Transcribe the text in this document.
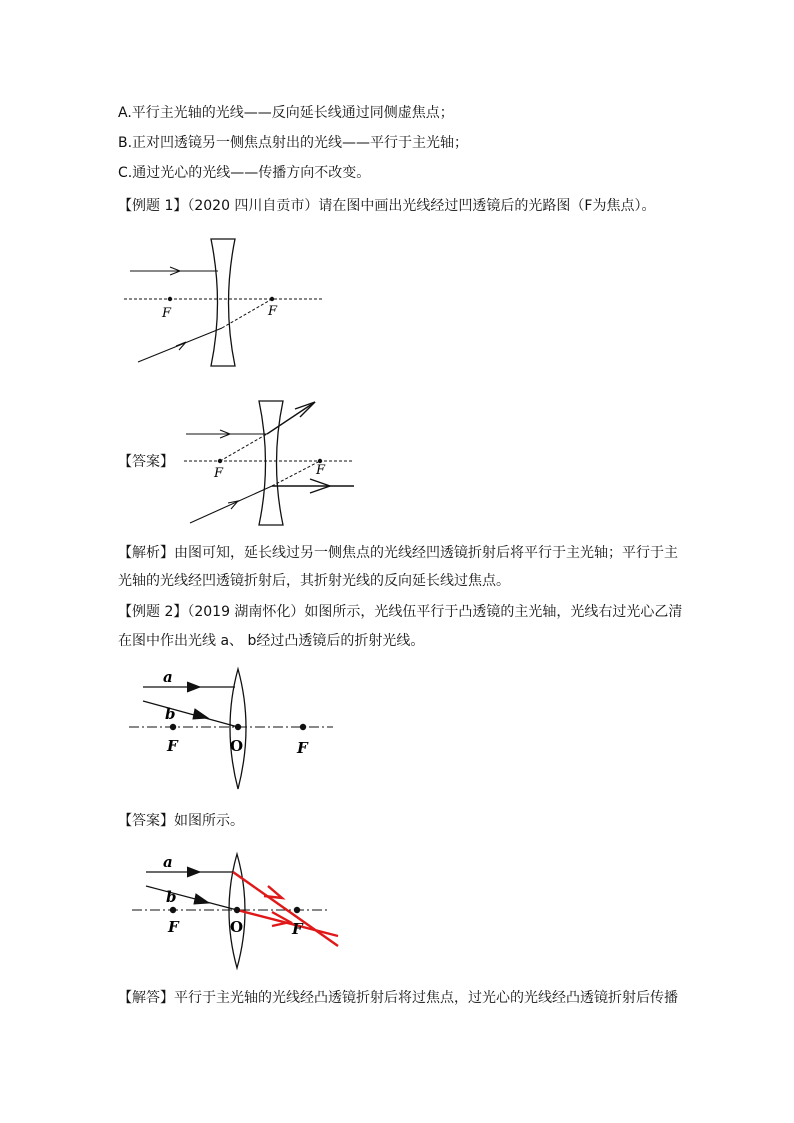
A.平行主光轴的光线——反向延长线通过同侧虚焦点；
B.正对凹透镜另一侧焦点射出的光线——平行于主光轴；
C.通过光心的光线——传播方向不改变。
【例题 1】（2020 四川自贡市）请在图中画出光线经过凹透镜后的光路图（F为焦点）。
F	F
【答案】
F	F
【解析】由图可知，延长线过另一侧焦点的光线经凹透镜折射后将平行于主光轴；平行于主
光轴的光线经凹透镜折射后，其折射光线的反向延长线过焦点。
【例题 2】（2019 湖南怀化）如图所示，光线伍平行于凸透镜的主光轴，光线右过光心乙清
在图中作出光线 a、 b经过凸透镜后的折射光线。
a
b
F	O	F
【答案】如图所示。
a
b
F	O	F
【解答】平行于主光轴的光线经凸透镜折射后将过焦点，过光心的光线经凸透镜折射后传播
